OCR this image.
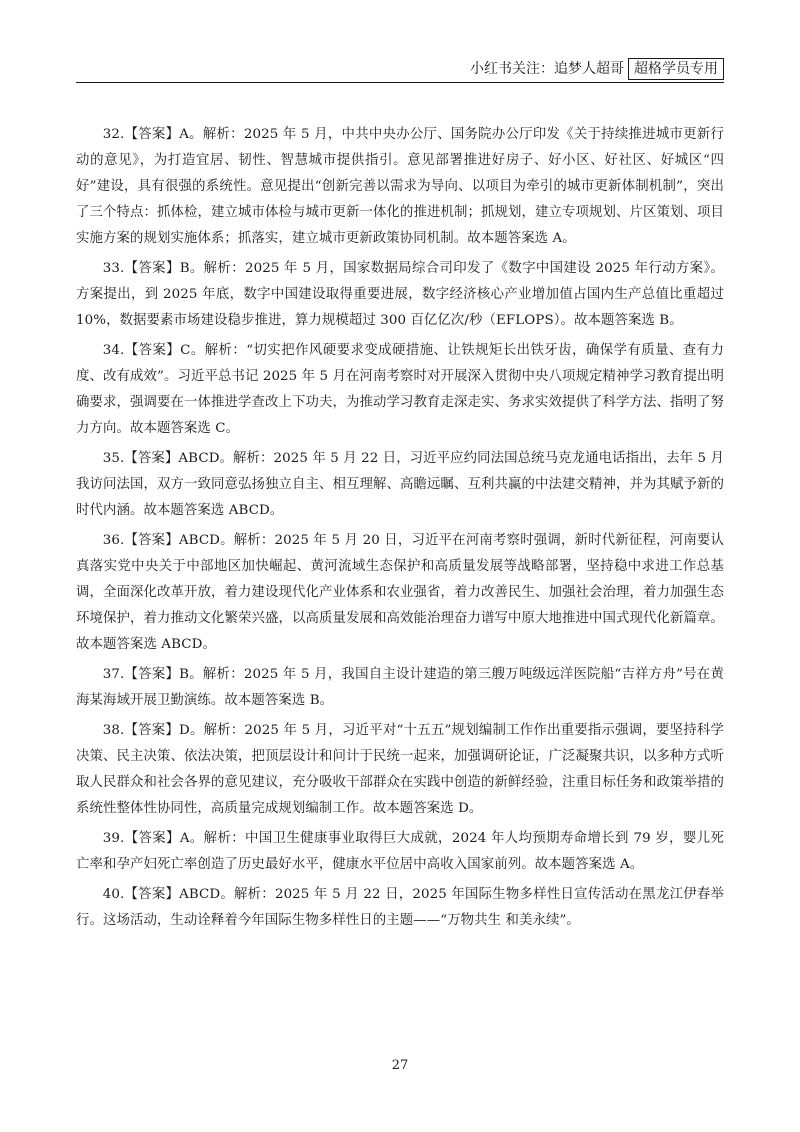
小红书关注：追梦人超哥 超格学员专用

32.【答案】A。解析：2025 年 5 月，中共中央办公厅、国务院办公厅印发《关于持续推进城市更新行动的意见》，为打造宜居、韧性、智慧城市提供指引。意见部署推进好房子、好小区、好社区、好城区“四好”建设，具有很强的系统性。意见提出“创新完善以需求为导向、以项目为牵引的城市更新体制机制”，突出了三个特点：抓体检，建立城市体检与城市更新一体化的推进机制；抓规划，建立专项规划、片区策划、项目实施方案的规划实施体系；抓落实，建立城市更新政策协同机制。故本题答案选 A。

33.【答案】B。解析：2025 年 5 月，国家数据局综合司印发了《数字中国建设 2025 年行动方案》。方案提出，到 2025 年底，数字中国建设取得重要进展，数字经济核心产业增加值占国内生产总值比重超过 10%，数据要素市场建设稳步推进，算力规模超过 300 百亿亿次/秒（EFLOPS）。故本题答案选 B。

34.【答案】C。解析：“切实把作风硬要求变成硬措施、让铁规矩长出铁牙齿，确保学有质量、查有力度、改有成效”。习近平总书记 2025 年 5 月在河南考察时对开展深入贯彻中央八项规定精神学习教育提出明确要求，强调要在一体推进学查改上下功夫，为推动学习教育走深走实、务求实效提供了科学方法、指明了努力方向。故本题答案选 C。

35.【答案】ABCD。解析：2025 年 5 月 22 日，习近平应约同法国总统马克龙通电话指出，去年 5 月我访问法国，双方一致同意弘扬独立自主、相互理解、高瞻远瞩、互利共赢的中法建交精神，并为其赋予新的时代内涵。故本题答案选 ABCD。

36.【答案】ABCD。解析：2025 年 5 月 20 日，习近平在河南考察时强调，新时代新征程，河南要认真落实党中央关于中部地区加快崛起、黄河流域生态保护和高质量发展等战略部署，坚持稳中求进工作总基调，全面深化改革开放，着力建设现代化产业体系和农业强省，着力改善民生、加强社会治理，着力加强生态环境保护，着力推动文化繁荣兴盛，以高质量发展和高效能治理奋力谱写中原大地推进中国式现代化新篇章。故本题答案选 ABCD。

37.【答案】B。解析：2025 年 5 月，我国自主设计建造的第三艘万吨级远洋医院船“吉祥方舟”号在黄海某海域开展卫勤演练。故本题答案选 B。

38.【答案】D。解析：2025 年 5 月，习近平对“十五五”规划编制工作作出重要指示强调，要坚持科学决策、民主决策、依法决策，把顶层设计和问计于民统一起来，加强调研论证，广泛凝聚共识，以多种方式听取人民群众和社会各界的意见建议，充分吸收干部群众在实践中创造的新鲜经验，注重目标任务和政策举措的系统性整体性协同性，高质量完成规划编制工作。故本题答案选 D。

39.【答案】A。解析：中国卫生健康事业取得巨大成就，2024 年人均预期寿命增长到 79 岁，婴儿死亡率和孕产妇死亡率创造了历史最好水平，健康水平位居中高收入国家前列。故本题答案选 A。

40.【答案】ABCD。解析：2025 年 5 月 22 日，2025 年国际生物多样性日宣传活动在黑龙江伊春举行。这场活动，生动诠释着今年国际生物多样性日的主题——“万物共生 和美永续”。

27
